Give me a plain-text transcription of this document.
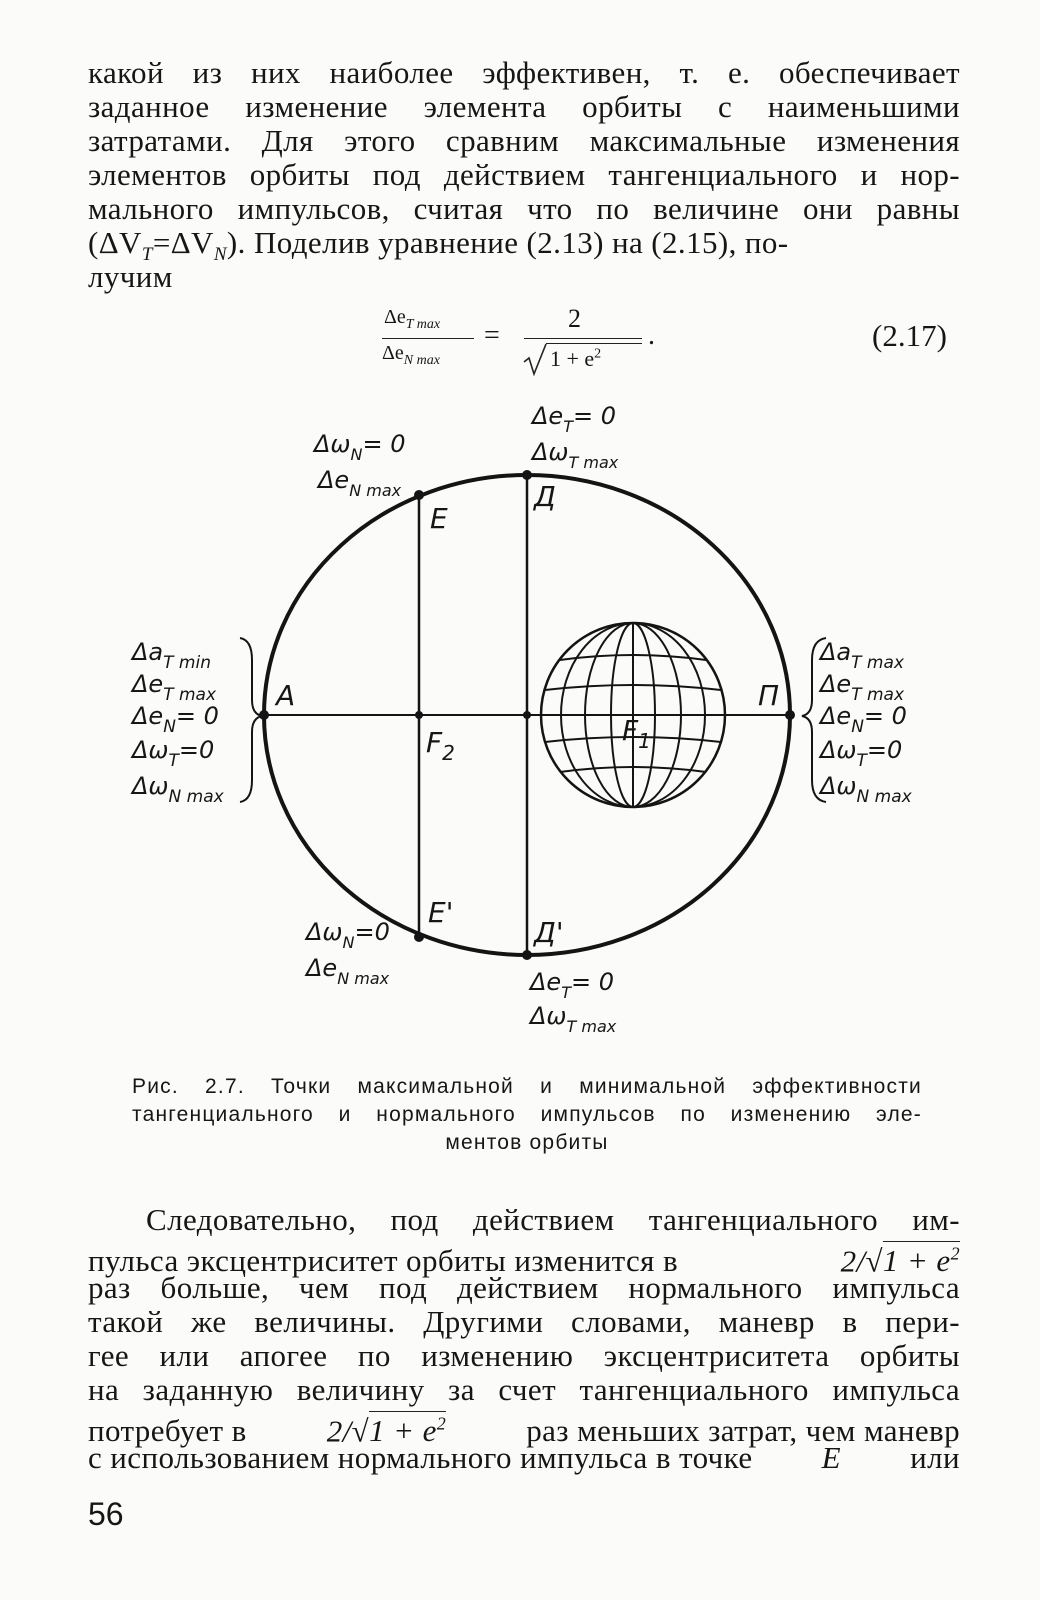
какой из них наиболее эффективен, т. е. обеспечивает
заданное изменение элемента орбиты с наименьшими
затратами. Для этого сравним максимальные изменения
элементов орбиты под действием тангенциального и нор-
мального импульсов, считая что по величине они равны
$(\Delta V_T=\Delta V_N)$. Поделив уравнение (2.13) на (2.15), по-
лучим
$\Delta e_{T max}$
$\Delta e_{N max}$
=
2
$1 + e^2$
.	(2.17)
A	П
E
E'
Д
Д'
$F_2$
$F_1$
$\Delta\omega_N= 0$
$\Delta e_{N max}$
$\Delta e_T= 0$
$\Delta\omega_{T max}$
$\Delta\omega_N=0$
$\Delta e_{N max}$	$\Delta e_T= 0$
$\Delta\omega_{T max}$
$\Delta a_{T min}$
$\Delta e_{T max}$
$\Delta e_N= 0$
$\Delta\omega_T=0$
$\Delta\omega_{N max}$
$\Delta a_{T max}$
$\Delta e_{T max}$
$\Delta e_N= 0$
$\Delta\omega_T=0$
$\Delta\omega_{N max}$
Рис. 2.7. Точки максимальной и минимальной эффективности
тангенциального и нормального импульсов по изменению эле-
ментов орбиты
Следовательно, под действием тангенциального им-
пульса эксцентриситет орбиты изменится в	$2/√1 + e^2$
раз больше, чем под действием нормального импульса
такой же величины. Другими словами, маневр в пери-
гее или апогее по изменению эксцентриситета орбиты
на заданную величину за счет тангенциального импульса
потребует в	$2/√1 + e^2$	раз меньших затрат, чем маневр
с использованием нормального импульса в точке E или
56
